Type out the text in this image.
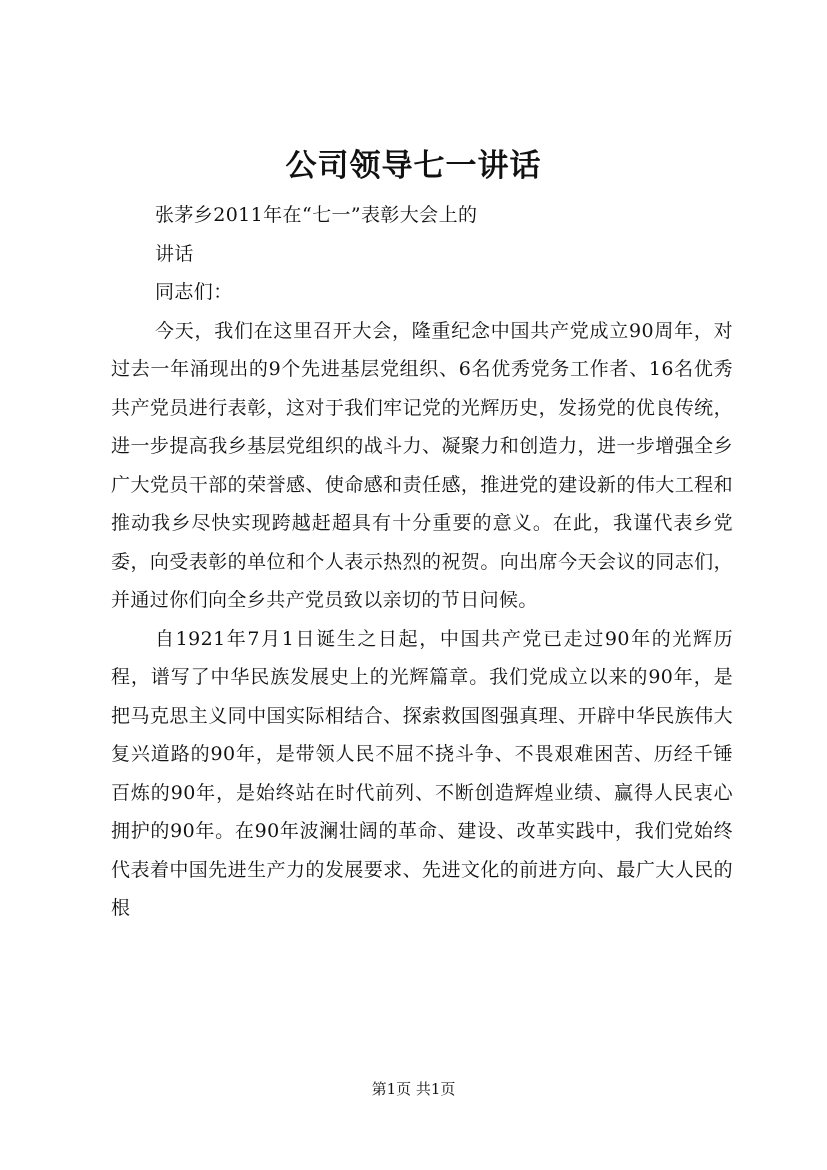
公司领导七一讲话

张茅乡2011年在“七一”表彰大会上的

讲话

同志们：

今天，我们在这里召开大会，隆重纪念中国共产党成立90周年，对过去一年涌现出的9个先进基层党组织、6名优秀党务工作者、16名优秀共产党员进行表彰，这对于我们牢记党的光辉历史，发扬党的优良传统，进一步提高我乡基层党组织的战斗力、凝聚力和创造力，进一步增强全乡广大党员干部的荣誉感、使命感和责任感，推进党的建设新的伟大工程和推动我乡尽快实现跨越赶超具有十分重要的意义。在此，我谨代表乡党委，向受表彰的单位和个人表示热烈的祝贺。向出席今天会议的同志们，并通过你们向全乡共产党员致以亲切的节日问候。

自1921年7月1日诞生之日起，中国共产党已走过90年的光辉历程，谱写了中华民族发展史上的光辉篇章。我们党成立以来的90年，是把马克思主义同中国实际相结合、探索救国图强真理、开辟中华民族伟大复兴道路的90年，是带领人民不屈不挠斗争、不畏艰难困苦、历经千锤百炼的90年，是始终站在时代前列、不断创造辉煌业绩、赢得人民衷心拥护的90年。在90年波澜壮阔的革命、建设、改革实践中，我们党始终代表着中国先进生产力的发展要求、先进文化的前进方向、最广大人民的根

第1页 共1页
